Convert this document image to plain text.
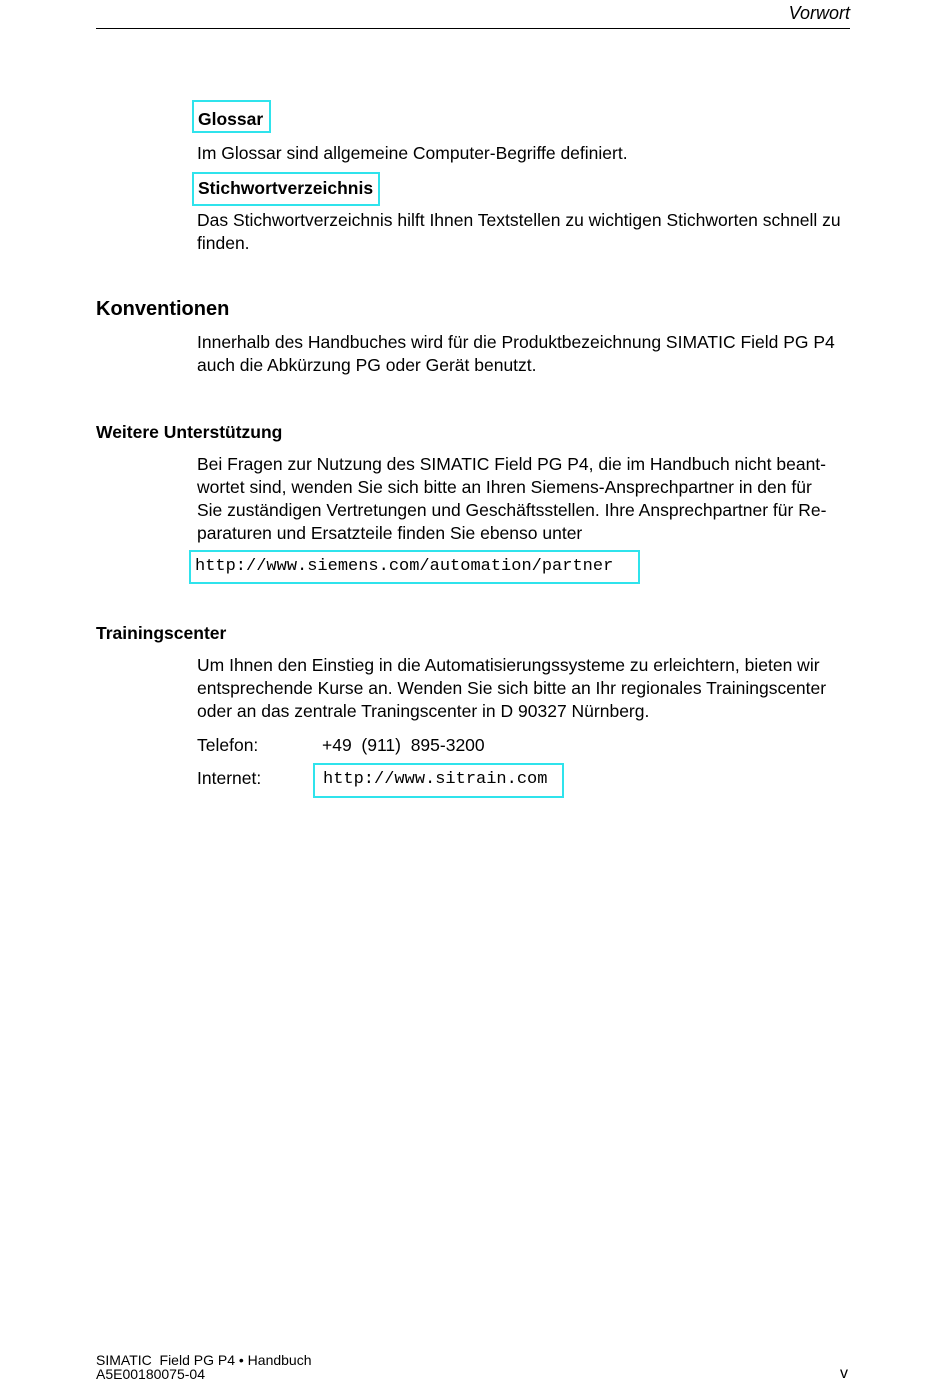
Vorwort
Glossar
Im Glossar sind allgemeine Computer-Begriffe definiert.
Stichwortverzeichnis
Das Stichwortverzeichnis hilft Ihnen Textstellen zu wichtigen Stichworten schnell zu finden.
Konventionen
Innerhalb des Handbuches wird für die Produktbezeichnung SIMATIC Field PG P4 auch die Abkürzung PG oder Gerät benutzt.
Weitere Unterstützung
Bei Fragen zur Nutzung des SIMATIC Field PG P4, die im Handbuch nicht beant-
wortet sind, wenden Sie sich bitte an Ihren Siemens-Ansprechpartner in den für
Sie zuständigen Vertretungen und Geschäftsstellen. Ihre Ansprechpartner für Re-
paraturen und Ersatzteile finden Sie ebenso unter
http://www.siemens.com/automation/partner
Trainingscenter
Um Ihnen den Einstieg in die Automatisierungssysteme zu erleichtern, bieten wir
entsprechende Kurse an. Wenden Sie sich bitte an Ihr regionales Trainingscenter
oder an das zentrale Traningscenter in D 90327 Nürnberg.
Telefon:	+49  (911)  895-3200
Internet:	http://www.sitrain.com
SIMATIC  Field PG P4 • Handbuch
A5E00180075-04	v
